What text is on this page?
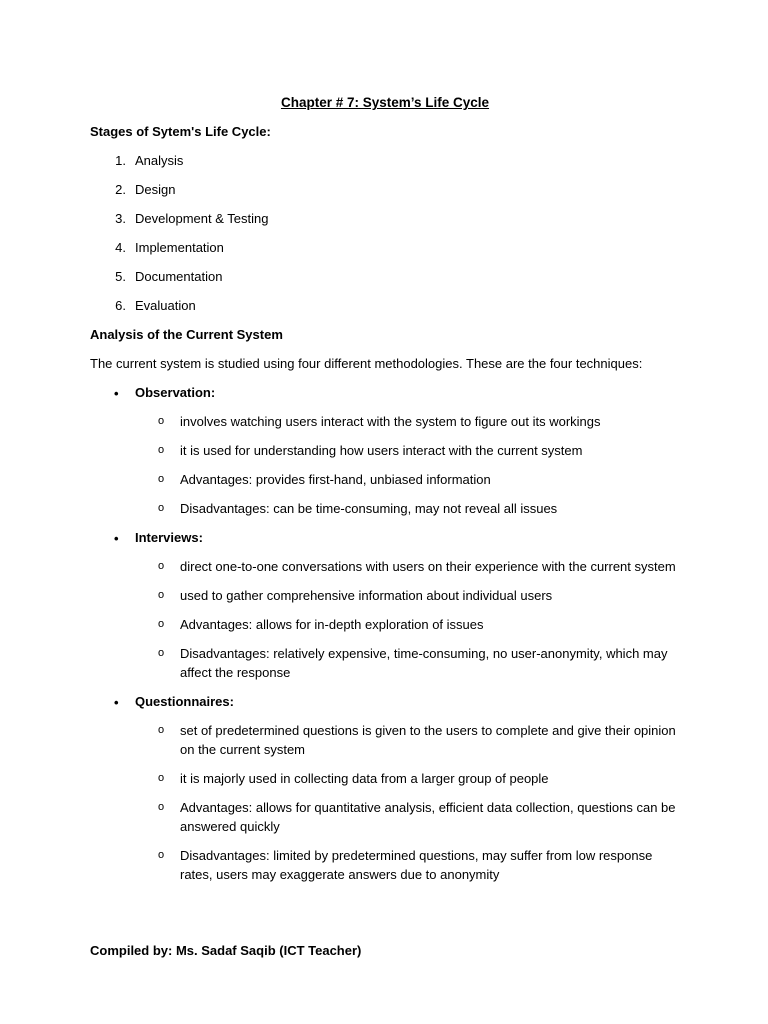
Chapter # 7: System’s Life Cycle
Stages of Sytem's Life Cycle:
1. Analysis
2. Design
3. Development & Testing
4. Implementation
5. Documentation
6. Evaluation
Analysis of the Current System
The current system is studied using four different methodologies. These are the four techniques:
• Observation:
o involves watching users interact with the system to figure out its workings
o it is used for understanding how users interact with the current system
o Advantages: provides first-hand, unbiased information
o Disadvantages: can be time-consuming, may not reveal all issues
• Interviews:
o direct one-to-one conversations with users on their experience with the current system
o used to gather comprehensive information about individual users
o Advantages: allows for in-depth exploration of issues
o Disadvantages: relatively expensive, time-consuming, no user-anonymity, which may affect the response
• Questionnaires:
o set of predetermined questions is given to the users to complete and give their opinion on the current system
o it is majorly used in collecting data from a larger group of people
o Advantages: allows for quantitative analysis, efficient data collection, questions can be answered quickly
o Disadvantages: limited by predetermined questions, may suffer from low response rates, users may exaggerate answers due to anonymity
Compiled by: Ms. Sadaf Saqib (ICT Teacher)
